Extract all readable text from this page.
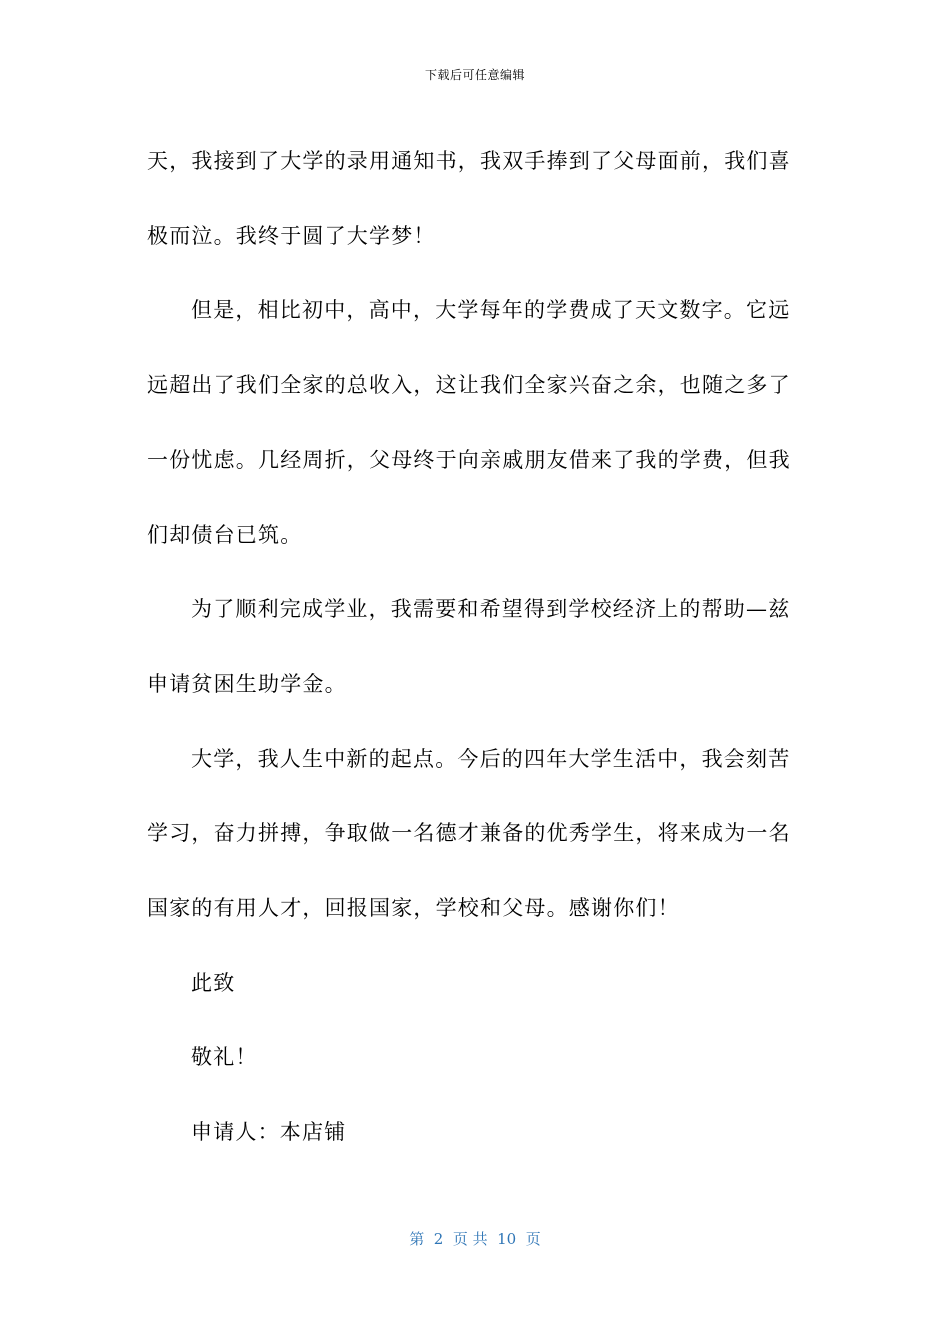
下载后可任意编辑
天，我接到了大学的录用通知书，我双手捧到了父母面前，我们喜
极而泣。我终于圆了大学梦！
但是，相比初中，高中，大学每年的学费成了天文数字。它远
远超出了我们全家的总收入，这让我们全家兴奋之余，也随之多了
一份忧虑。几经周折，父母终于向亲戚朋友借来了我的学费，但我
们却债台已筑。
为了顺利完成学业，我需要和希望得到学校经济上的帮助—兹
申请贫困生助学金。
大学，我人生中新的起点。今后的四年大学生活中，我会刻苦
学习，奋力拼搏，争取做一名德才兼备的优秀学生，将来成为一名
国家的有用人才，回报国家，学校和父母。感谢你们！
此致
敬礼！
申请人：本店铺
第  2  页 共  10  页
